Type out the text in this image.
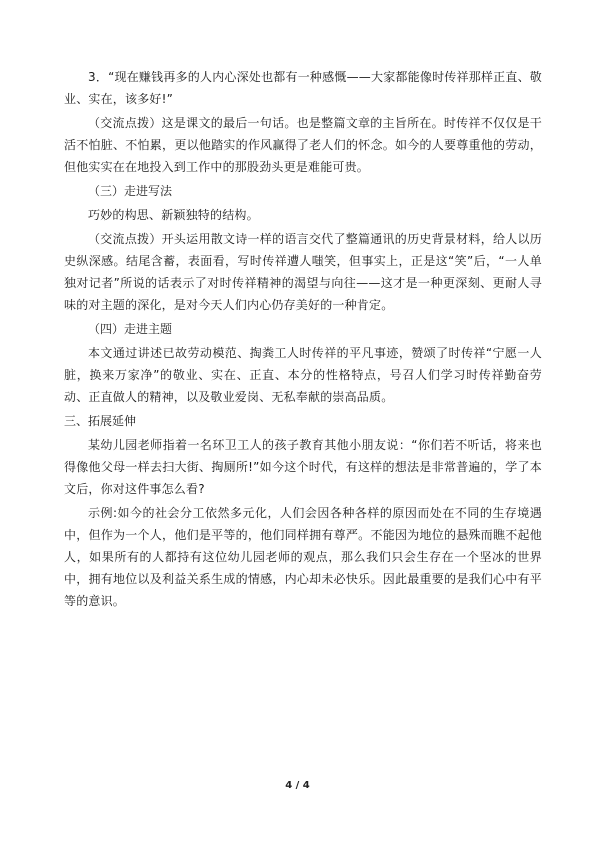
3．“现在赚钱再多的人内心深处也都有一种感慨——大家都能像时传祥那样正直、敬业、实在，该多好!”

（交流点拨）这是课文的最后一句话。也是整篇文章的主旨所在。时传祥不仅仅是干活不怕脏、不怕累，更以他踏实的作风赢得了老人们的怀念。如今的人要尊重他的劳动，但他实实在在地投入到工作中的那股劲头更是难能可贵。

（三）走进写法

巧妙的构思、新颖独特的结构。

（交流点拨）开头运用散文诗一样的语言交代了整篇通讯的历史背景材料，给人以历史纵深感。结尾含蓄，表面看，写时传祥遭人嗤笑，但事实上，正是这“笑”后，“一人单独对记者”所说的话表示了对时传祥精神的渴望与向往——这才是一种更深刻、更耐人寻味的对主题的深化，是对今天人们内心仍存美好的一种肯定。

（四）走进主题

本文通过讲述已故劳动模范、掏粪工人时传祥的平凡事迹，赞颂了时传祥“宁愿一人脏，换来万家净”的敬业、实在、正直、本分的性格特点，号召人们学习时传祥勤奋劳动、正直做人的精神，以及敬业爱岗、无私奉献的崇高品质。

三、拓展延伸

某幼儿园老师指着一名环卫工人的孩子教育其他小朋友说：“你们若不听话，将来也得像他父母一样去扫大街、掏厕所!”如今这个时代，有这样的想法是非常普遍的，学了本文后，你对这件事怎么看?

示例:如今的社会分工依然多元化，人们会因各种各样的原因而处在不同的生存境遇中，但作为一个人，他们是平等的，他们同样拥有尊严。不能因为地位的悬殊而瞧不起他人，如果所有的人都持有这位幼儿园老师的观点，那么我们只会生存在一个坚冰的世界中，拥有地位以及利益关系生成的情感，内心却未必快乐。因此最重要的是我们心中有平等的意识。

4 / 4
